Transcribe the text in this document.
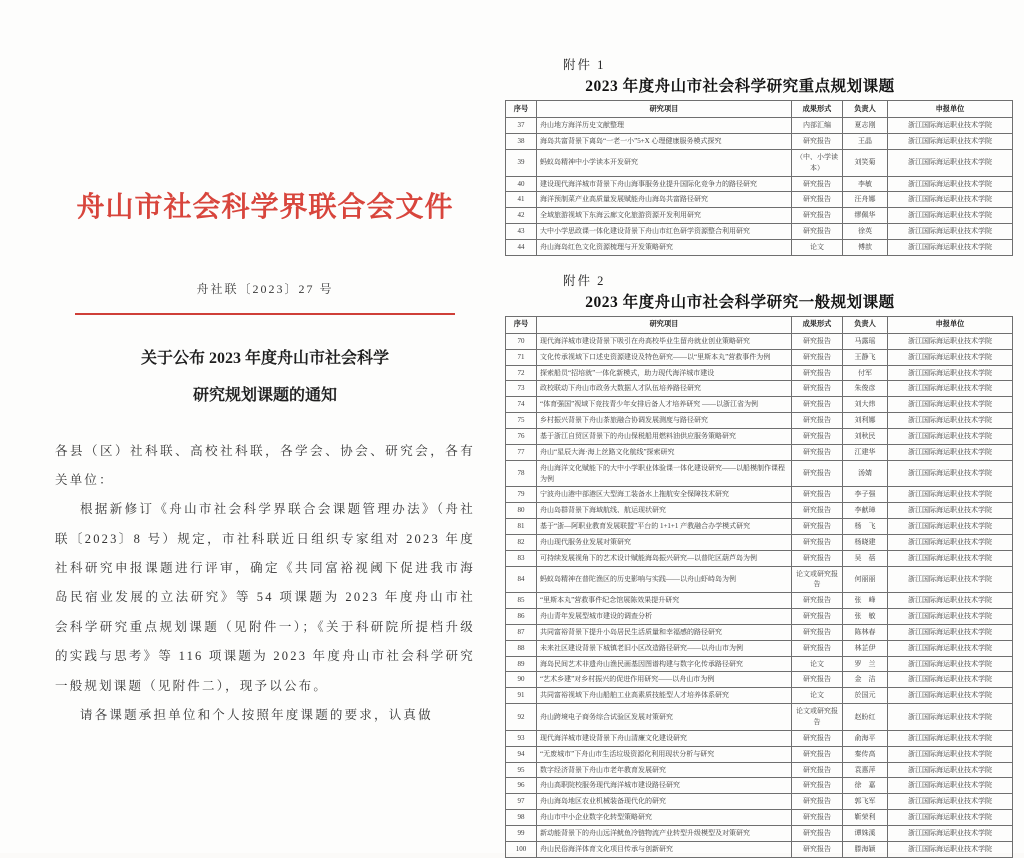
舟山市社会科学界联合会文件
舟社联〔2023〕27 号
关于公布 2023 年度舟山市社会科学
研究规划课题的通知

各县（区）社科联、高校社科联，各学会、协会、研究会，各有关单位：

根据新修订《舟山市社会科学界联合会课题管理办法》（舟社联〔2023〕8 号）规定，市社科联近日组织专家组对 2023 年度社科研究申报课题进行评审，确定《共同富裕视阈下促进我市海岛民宿业发展的立法研究》等 54 项课题为 2023 年度舟山市社会科学研究重点规划课题（见附件一）；《关于科研院所提档升级的实践与思考》等 116 项课题为 2023 年度舟山市社会科学研究一般规划课题（见附件二），现予以公布。

请各课题承担单位和个人按照年度课题的要求，认真做

附件 1
2023 年度舟山市社会科学研究重点规划课题
序号	研究项目	成果形式	负责人	申报单位
37	舟山地方海洋历史文献整理	内部汇编	夏志刚	浙江国际海运职业技术学院
38	海岛共富背景下离岛“一老一小”5+X 心理健康服务模式探究	研究报告	王晶	浙江国际海运职业技术学院
39	蚂蚁岛精神中小学读本开发研究	（中、小学读本）	刘笑菊	浙江国际海运职业技术学院
40	建设现代海洋城市背景下舟山海事服务业提升国际化竞争力的路径研究	研究报告	李敏	浙江国际海运职业技术学院
41	海洋预制菜产业高质量发展赋能舟山海岛共富路径研究	研究报告	汪舟娜	浙江国际海运职业技术学院
42	全域旅游视域下东海云廊文化旅游资源开发利用研究	研究报告	缪佩华	浙江国际海运职业技术学院
43	大中小学思政课一体化建设背景下舟山市红色研学资源整合利用研究	研究报告	徐英	浙江国际海运职业技术学院
44	舟山海岛红色文化资源梳理与开发策略研究	论文	傅歆	浙江国际海运职业技术学院
附件 2
2023 年度舟山市社会科学研究一般规划课题
序号	研究项目	成果形式	负责人	申报单位
70	现代海洋城市建设背景下吸引在舟高校毕业生留舟就业创业策略研究	研究报告	马露瑶	浙江国际海运职业技术学院
71	文化传承视域下口述史资源建设及特色研究——以“里斯本丸”营救事件为例	研究报告	王静飞	浙江国际海运职业技术学院
72	探索船员“招培就”一体化新模式，助力现代海洋城市建设	研究报告	付军	浙江国际海运职业技术学院
73	政校联动下舟山市政务大数据人才队伍培养路径研究	研究报告	朱俊彦	浙江国际海运职业技术学院
74	“体育强国”视域下竞技青少年女排后备人才培养研究 ——以浙江省为例	研究报告	刘大炜	浙江国际海运职业技术学院
75	乡村振兴背景下舟山茶旅融合协调发展测度与路径研究	研究报告	刘利娜	浙江国际海运职业技术学院
76	基于浙江自贸区背景下的舟山保税船用燃料油供应服务策略研究	研究报告	刘秋民	浙江国际海运职业技术学院
77	舟山“星辰大海·海上丝路文化航线”探索研究	研究报告	江建华	浙江国际海运职业技术学院
78	舟山海洋文化赋能下的大中小学职业体验课一体化建设研究——以船模制作课程为例	研究报告	汤婧	浙江国际海运职业技术学院
79	宁波舟山港中部港区大型海工装备水上拖航安全保障技术研究	研究报告	李子强	浙江国际海运职业技术学院
80	舟山岛群背景下海域航线、航运现状研究	研究报告	李献璋	浙江国际海运职业技术学院
81	基于“浙—阿职业教育发展联盟”平台的 1+1+1 产教融合办学模式研究	研究报告	杨　飞	浙江国际海运职业技术学院
82	舟山现代服务业发展对策研究	研究报告	杨晓建	浙江国际海运职业技术学院
83	可持续发展视角下的艺术设计赋能海岛振兴研究—以普陀区葫芦岛为例	研究报告	吴　蓓	浙江国际海运职业技术学院
84	蚂蚁岛精神在普陀渔区的历史影响与实践——以舟山虾峙岛为例	论文或研究报告	何丽丽	浙江国际海运职业技术学院
85	“里斯本丸”营救事件纪念馆展陈效果提升研究	研究报告	张　峰	浙江国际海运职业技术学院
86	舟山青年发展型城市建设的调查分析	研究报告	张　敏	浙江国际海运职业技术学院
87	共同富裕背景下提升小岛居民生活质量和幸福感的路径研究	研究报告	陈林春	浙江国际海运职业技术学院
88	未来社区建设背景下城镇老旧小区改造路径研究——以舟山市为例	研究报告	林芷伊	浙江国际海运职业技术学院
89	海岛民间艺术非遗舟山渔民画基因图谱构建与数字化传承路径研究	论文	罗　兰	浙江国际海运职业技术学院
90	“艺术乡建”对乡村振兴的促进作用研究——以舟山市为例	研究报告	金　洁	浙江国际海运职业技术学院
91	共同富裕视域下舟山船舶工业高素质技能型人才培养体系研究	论文	於国元	浙江国际海运职业技术学院
92	舟山跨境电子商务综合试验区发展对策研究	论文或研究报告	赵盼红	浙江国际海运职业技术学院
93	现代海洋城市建设背景下舟山清廉文化建设研究	研究报告	俞海平	浙江国际海运职业技术学院
94	“无废城市”下舟山市生活垃圾资源化利用现状分析与研究	研究报告	秦传高	浙江国际海运职业技术学院
95	数字经济背景下舟山市老年教育发展研究	研究报告	袁惠萍	浙江国际海运职业技术学院
96	舟山高职院校服务现代海洋城市建设路径研究	研究报告	徐　嘉	浙江国际海运职业技术学院
97	舟山海岛地区农业机械装备现代化的研究	研究报告	郭飞军	浙江国际海运职业技术学院
98	舟山市中小企业数字化转型策略研究	研究报告	靳荣利	浙江国际海运职业技术学院
99	新动能背景下的舟山远洋鱿鱼冷链物流产业转型升级模型及对策研究	研究报告	谭姝溪	浙江国际海运职业技术学院
100	舟山民俗海洋体育文化项目传承与创新研究	研究报告	滕海颖	浙江国际海运职业技术学院
